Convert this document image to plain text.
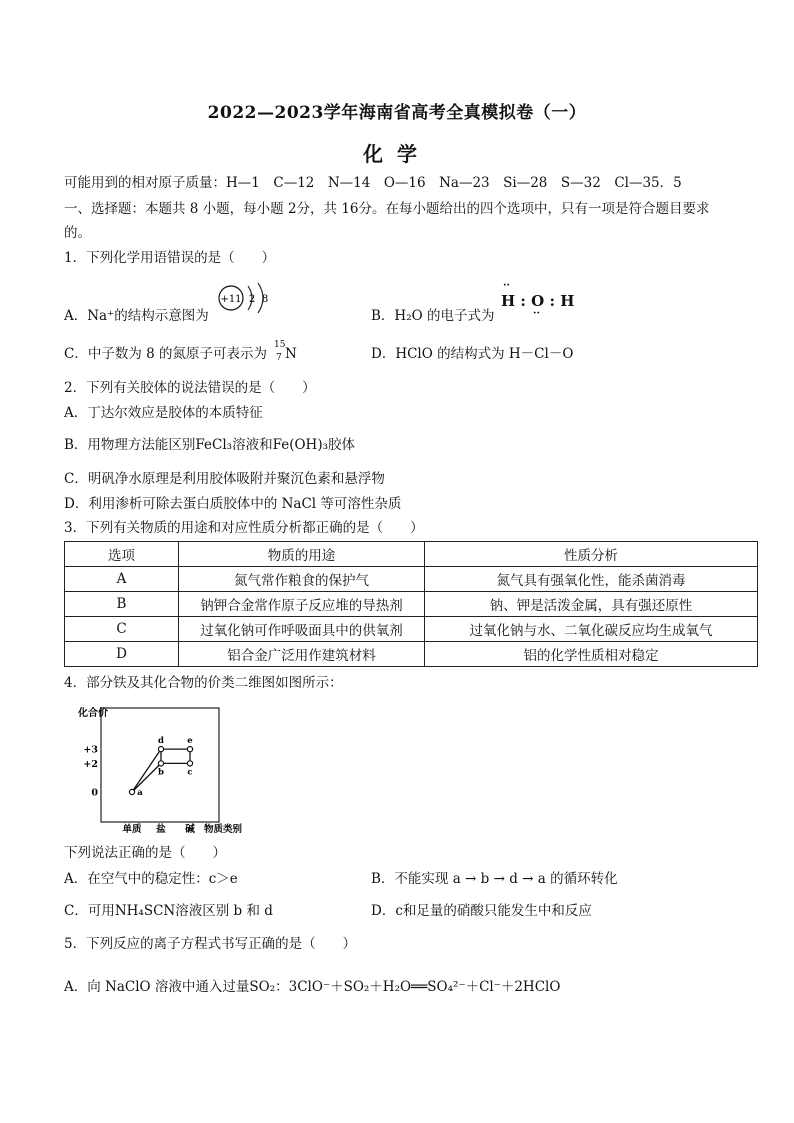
2022—2023学年海南省高考全真模拟卷（一）
化学
可能用到的相对原子质量：H—1　C—12　N—14　O—16　Na—23　Si—28　S—32　Cl—35．5
一、选择题：本题共 8 小题，每小题 2分，共 16分。在每小题给出的四个选项中，只有一项是符合题目要求
的。
1．下列化学用语错误的是（　　）
A．Na⁺的结构示意图为
+11 2 8
B．H₂O 的电子式为
··
H : O : H
··
C．中子数为 8 的氮原子可表示为
15
7 N	D．HClO 的结构式为 H－Cl－O
2．下列有关胶体的说法错误的是（　　）
A．丁达尔效应是胶体的本质特征
B．用物理方法能区别FeCl₃溶液和Fe(OH)₃胶体
C．明矾净水原理是利用胶体吸附并聚沉色素和悬浮物
D．利用渗析可除去蛋白质胶体中的 NaCl 等可溶性杂质
3．下列有关物质的用途和对应性质分析都正确的是（　　）
选项	物质的用途	性质分析
A	氮气常作粮食的保护气	氮气具有强氧化性，能杀菌消毒
B	钠钾合金常作原子反应堆的导热剂	钠、钾是活泼金属，具有强还原性
C	过氧化钠可作呼吸面具中的供氧剂	过氧化钠与水、二氧化碳反应均生成氧气
D	铝合金广泛用作建筑材料	铝的化学性质相对稳定
4．部分铁及其化合物的价类二维图如图所示：
化合价
物质类别
+3
+2
0
单质 盐 碱
a
b	c
d	e
下列说法正确的是（　　）
A．在空气中的稳定性：c＞e	B．不能实现 a → b → d → a 的循环转化
C．可用NH₄SCN溶液区别 b 和 d	D．c和足量的硝酸只能发生中和反应
5．下列反应的离子方程式书写正确的是（　　）
A．向 NaClO 溶液中通入过量SO₂：3ClO⁻＋SO₂＋H₂O══SO₄²⁻＋Cl⁻＋2HClO
